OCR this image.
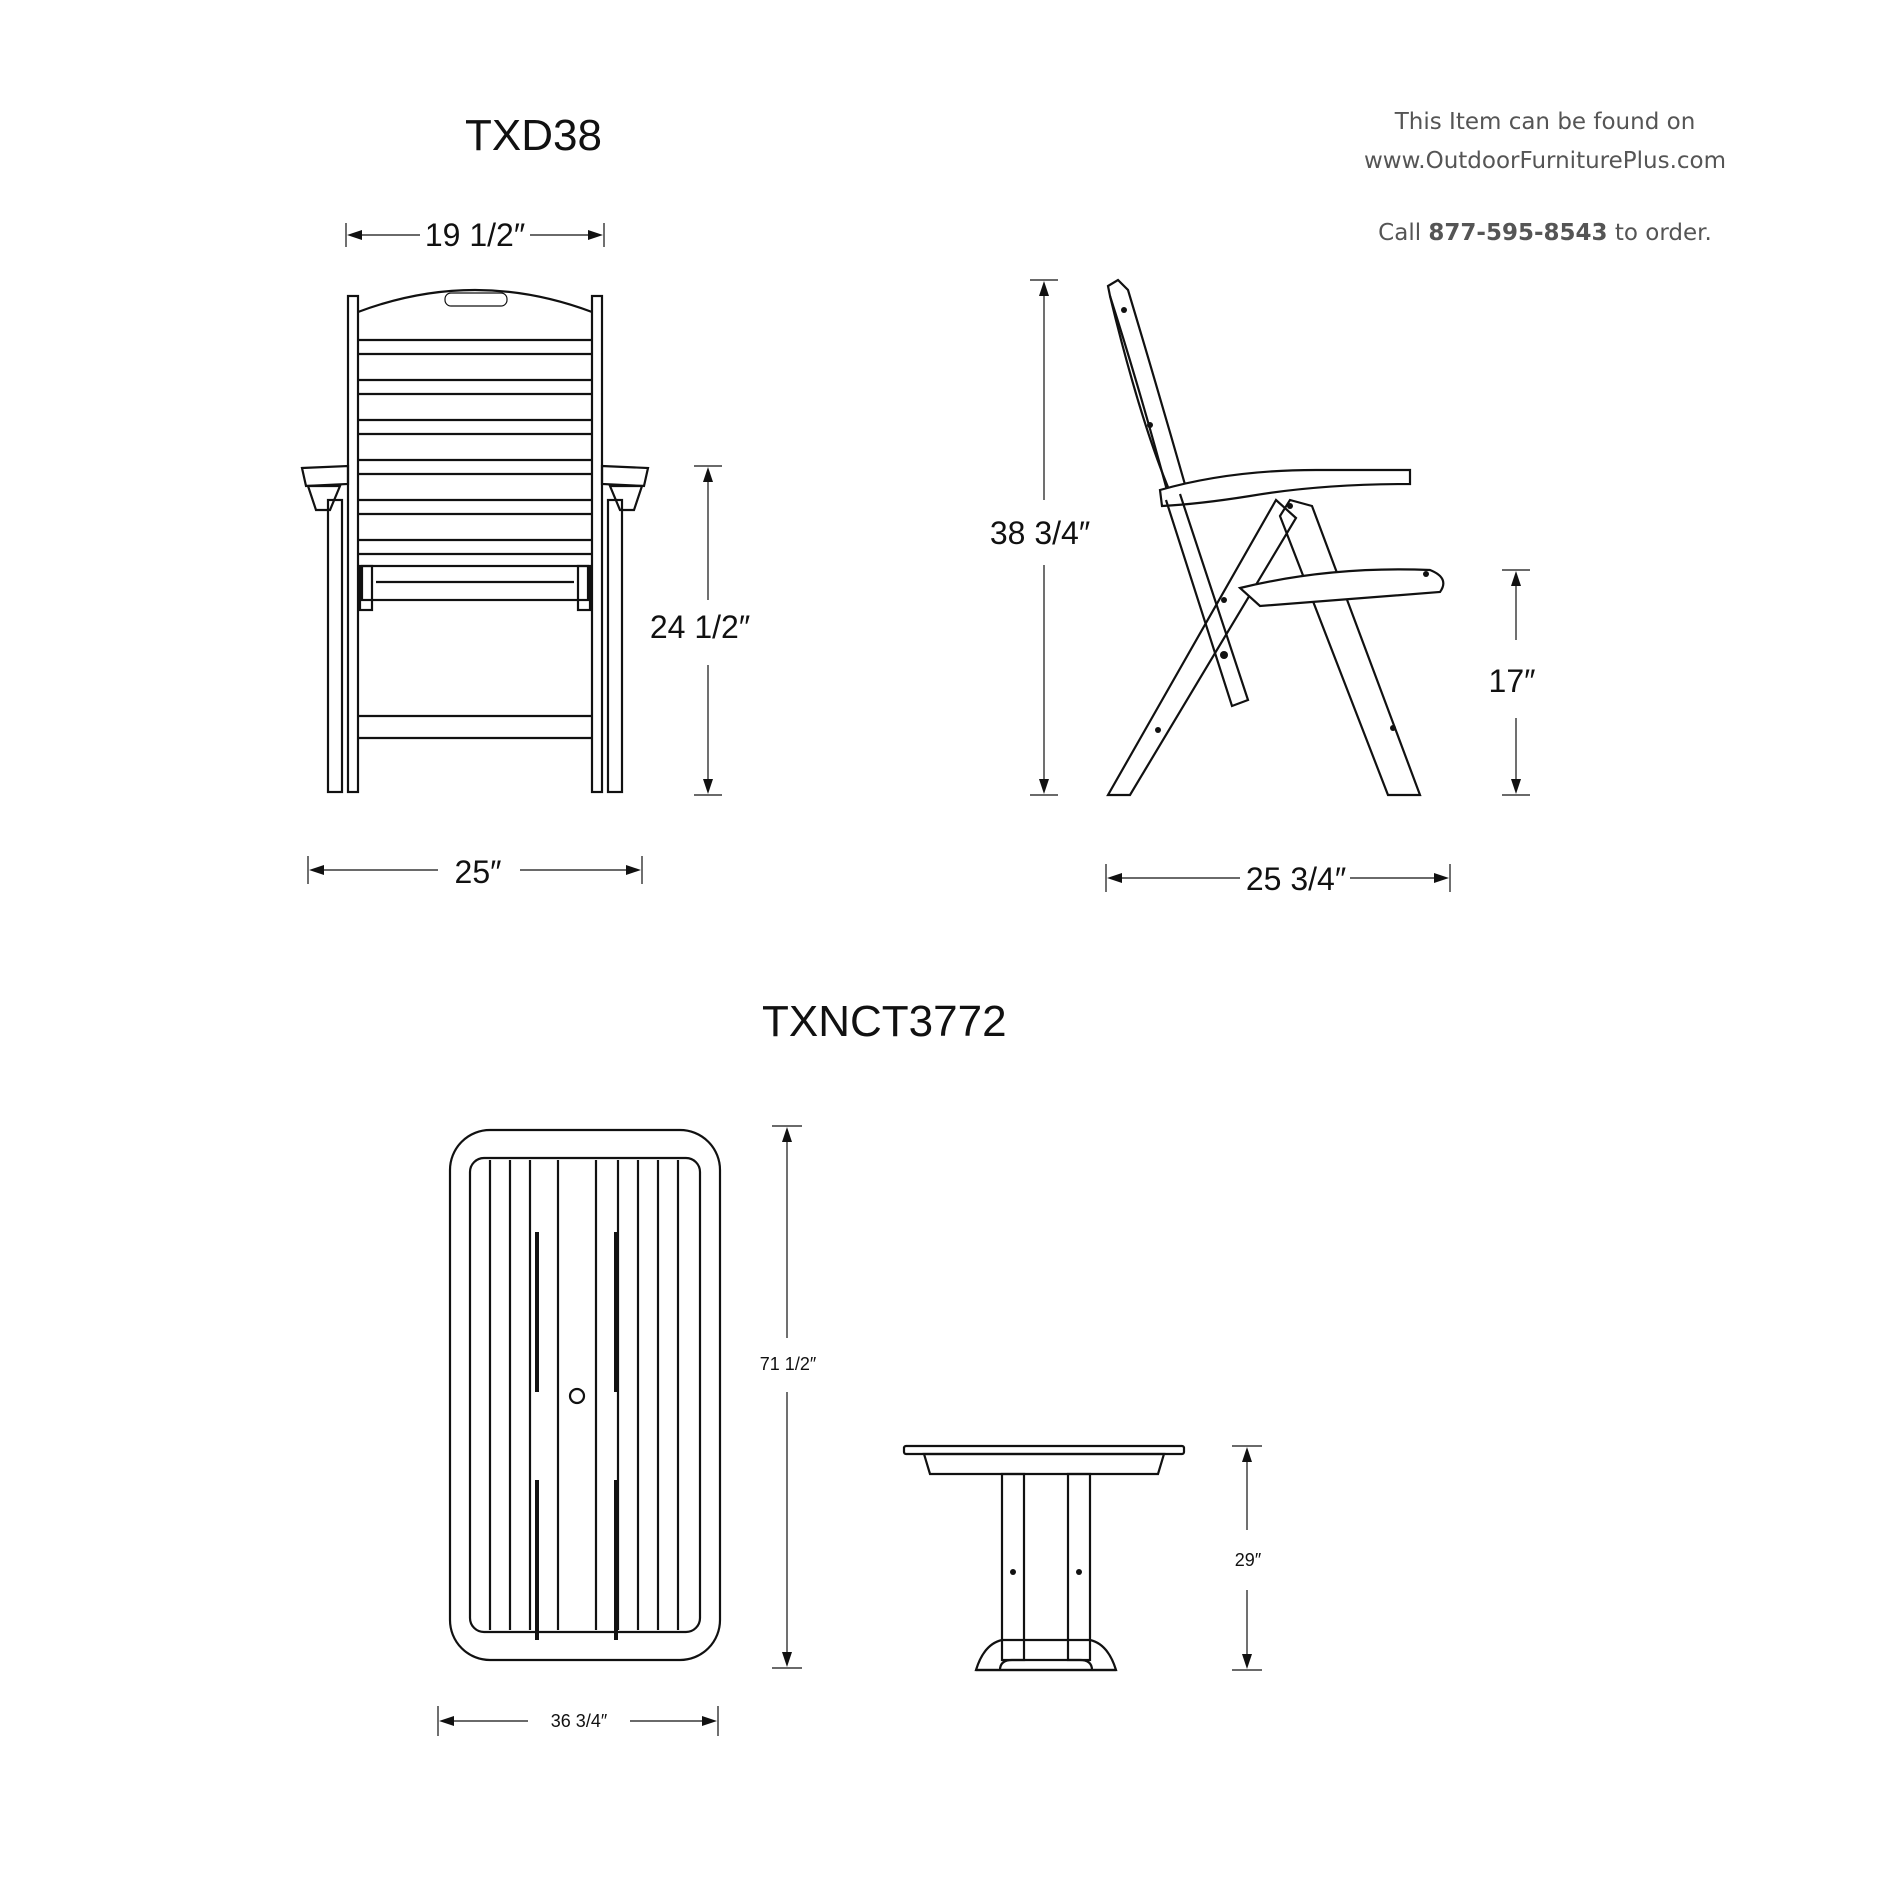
TXD38
TXNCT3772
This Item can be found on
www.OutdoorFurniturePlus.com
Call 877-595-8543 to order.
19 1/2″
25″
24 1/2″
38 3/4″
17″
25 3/4″
71 1/2″
36 3/4″
29″
